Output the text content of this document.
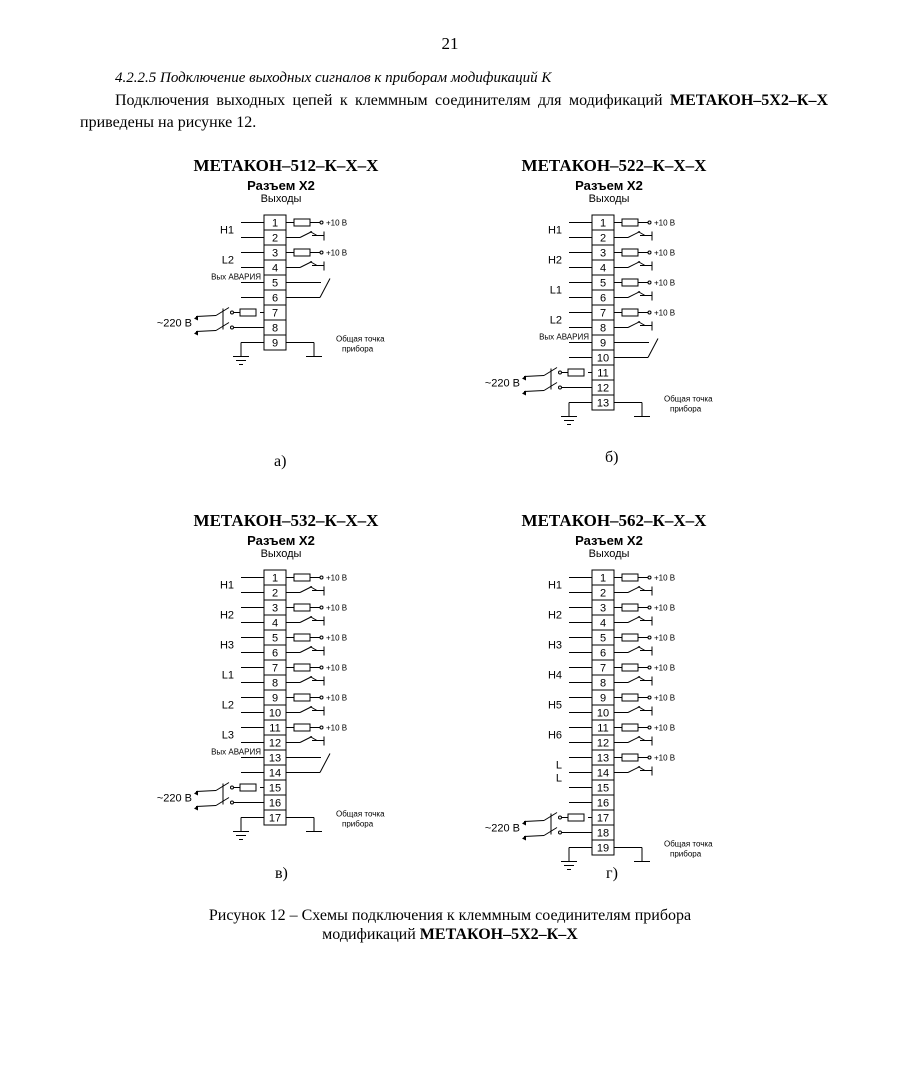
21
4.2.2.5 Подключение выходных сигналов к приборам модификаций К
Подключения выходных цепей к клеммным соединителям для модификаций МЕТАКОН–5Х2–К–Х приведены на рисунке 12.
МЕТАКОН–512–К–Х–Х
Разъем X2
Выходы
1
2
3
4
5
6
7
8
9
H1
+10 В
L2
+10 В
Вых АВАРИЯ
~220 В
Общая точка
прибора
а)
МЕТАКОН–522–К–Х–Х
Разъем X2
Выходы
1
2
3
4
5
6
7
8
9
10
11
12
13
H1
+10 В
H2
+10 В
L1
+10 В
L2
+10 В
Вых АВАРИЯ
~220 В
Общая точка
прибора
б)
МЕТАКОН–532–К–Х–Х
Разъем X2
Выходы
1
2
3
4
5
6
7
8
9
10
11
12
13
14
15
16
17
H1
+10 В
H2
+10 В
H3
+10 В
L1
+10 В
L2
+10 В
L3
+10 В
Вых АВАРИЯ
~220 В
Общая точка
прибора
в)
МЕТАКОН–562–К–Х–Х
Разъем X2
Выходы
1
2
3
4
5
6
7
8
9
10
11
12
13
14
15
16
17
18
19
H1
+10 В
H2
+10 В
H3
+10 В
H4
+10 В
H5
+10 В
H6
+10 В
L
+10 В
L
~220 В
Общая точка
прибора
г)
Рисунок 12 – Схемы подключения к клеммным соединителям прибора
модификаций МЕТАКОН–5Х2–К–Х
